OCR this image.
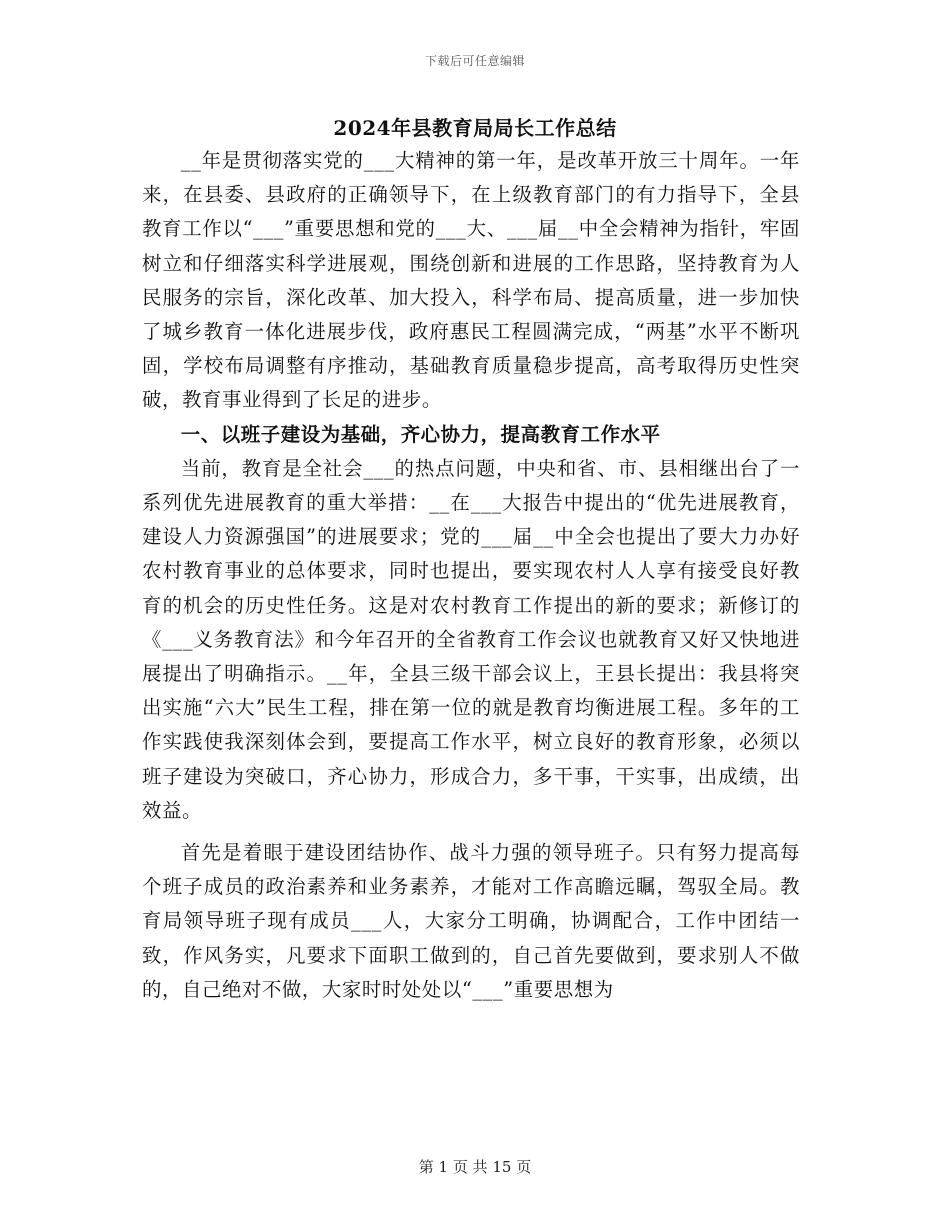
下载后可任意编辑
2024年县教育局局长工作总结

__年是贯彻落实党的___大精神的第一年，是改革开放三十周年。一年来，在县委、县政府的正确领导下，在上级教育部门的有力指导下，全县教育工作以“___”重要思想和党的___大、___届__中全会精神为指针，牢固树立和仔细落实科学进展观，围绕创新和进展的工作思路，坚持教育为人民服务的宗旨，深化改革、加大投入，科学布局、提高质量，进一步加快了城乡教育一体化进展步伐，政府惠民工程圆满完成，“两基”水平不断巩固，学校布局调整有序推动，基础教育质量稳步提高，高考取得历史性突破，教育事业得到了长足的进步。

一、以班子建设为基础，齐心协力，提高教育工作水平

当前，教育是全社会___的热点问题，中央和省、市、县相继出台了一系列优先进展教育的重大举措：__在___大报告中提出的“优先进展教育，建设人力资源强国”的进展要求；党的___届__中全会也提出了要大力办好农村教育事业的总体要求，同时也提出，要实现农村人人享有接受良好教育的机会的历史性任务。这是对农村教育工作提出的新的要求；新修订的《___义务教育法》和今年召开的全省教育工作会议也就教育又好又快地进展提出了明确指示。__年，全县三级干部会议上，王县长提出：我县将突出实施“六大”民生工程，排在第一位的就是教育均衡进展工程。多年的工作实践使我深刻体会到，要提高工作水平，树立良好的教育形象，必须以班子建设为突破口，齐心协力，形成合力，多干事，干实事，出成绩，出效益。

首先是着眼于建设团结协作、战斗力强的领导班子。只有努力提高每个班子成员的政治素养和业务素养，才能对工作高瞻远瞩，驾驭全局。教育局领导班子现有成员___人，大家分工明确，协调配合，工作中团结一致，作风务实，凡要求下面职工做到的，自己首先要做到，要求别人不做的，自己绝对不做，大家时时处处以“___”重要思想为

第 1 页 共 15 页
